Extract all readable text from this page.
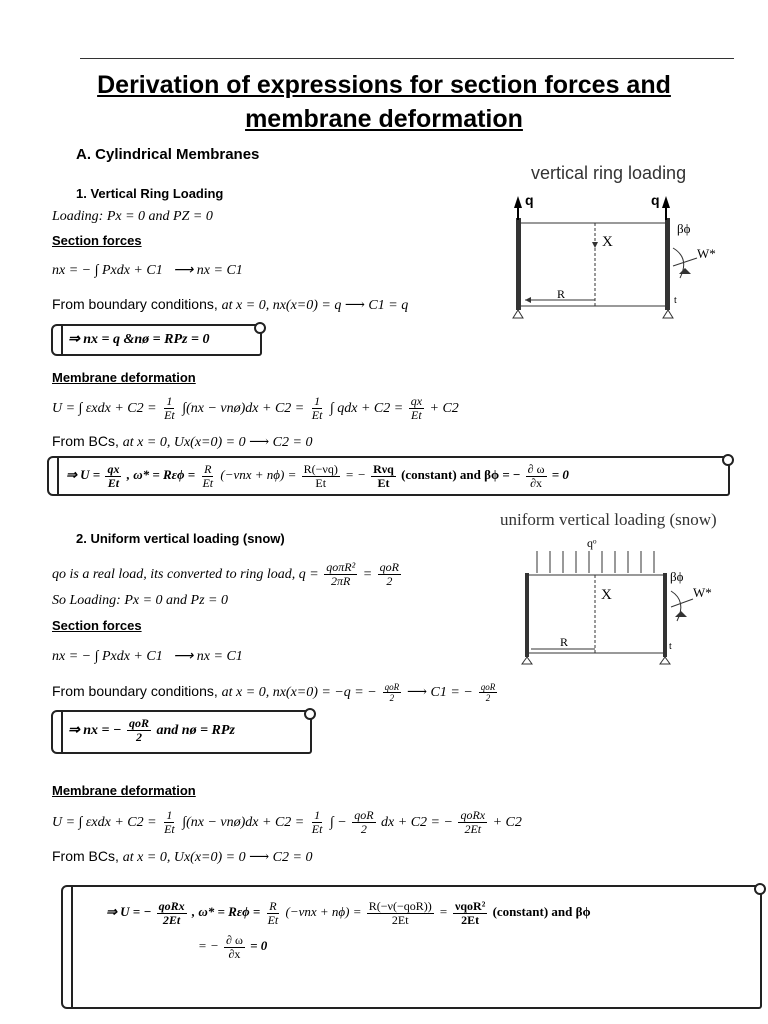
Derivation of expressions for section forces and
membrane deformation
A. Cylindrical Membranes
1. Vertical Ring Loading
Loading: Px = 0 and PZ = 0
Section forces
nx = − ∫ Pxdx + C1 ⟶ nx = C1
From boundary conditions, at x = 0, nx(x=0) = q ⟶ C1 = q
⇒ nx = q &nø = RPz = 0
Membrane deformation
U = ∫ $\varepsilon xdx + C2 = \frac{1}{Et} \int(nx$ − νnø)dx + $C2 = \frac{1}{Et}$ ∫ qdx + $C2 = \frac{qx}{Et} + C2$
From BCs, at x = 0, Ux(x=0) = 0 ⟶ C2 = 0
⇒ $U = \frac{qx}{Et}$ , $\omega* = R\varepsilon\phi = \frac{R}{Et} (-\nu nx + n\phi) = \frac{R(-\nu q)}{Et}$ = − $\frac{\text{Rνq}}{Et}$ (constant) and βϕ = − $\frac{\partial \omega}{\partial x} = 0$
vertical ring loading
q	q
X
R
βϕ
W*
t
2. Uniform vertical loading (snow)
qo is a real load, its converted to ring load, $q = \frac{\text{qoπR²}}{2\pi R} = \frac{\text{qoR}}{2}$
So Loading: Px = 0 and Pz = 0
Section forces
nx = − ∫ Pxdx + C1 ⟶ nx = C1
From boundary conditions, at x = 0, nx(x=0) = −q = − $\frac{\text{qoR}}{2}$ ⟶ C1 = − $\frac{\text{qoR}}{2}$
⇒ nx = − $\frac{\text{qoR}}{2}$ and nø = RPz
Membrane deformation
U = ∫ $\varepsilon xdx + C2 = \frac{1}{Et} \int(nx$ − νnø)dx + $C2 = \frac{1}{Et}$ ∫ − $\frac{\text{qoR}}{2}$ dx + C2 = − $\frac{\text{qoRx}}{2Et} + C2$
From BCs, at x = 0, Ux(x=0) = 0 ⟶ C2 = 0
⇒ U = − $\frac{\text{qoRx}}{2Et}$ , $\omega* = R\varepsilon\phi = \frac{R}{Et} (-\nu nx + n\phi) = \frac{\text{R(−ν(−qoR))}}{2Et} = \frac{\text{νqoR²}}{2Et}$ (constant) and βϕ
= − $\frac{\partial \omega}{\partial x} = 0$
uniform vertical loading (snow)
qᵒ
X
R
βϕ
W*
t
